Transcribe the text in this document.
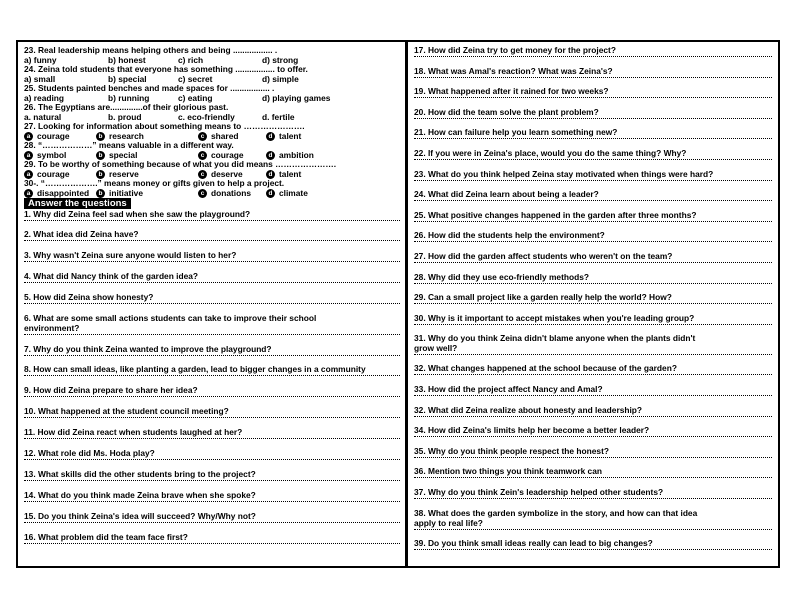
23. Real leadership means helping others and being ................. .
a) funny	b) honest	c) rich	d) strong
24. Zeina told students that everyone has something ................. to offer.
a) small	b) special	c) secret	d) simple
25. Students painted benches and made spaces for ................. .
a) reading	b) running	c) eating	d) playing games
26. The Egyptians are..............of their glorious past.
a. natural	b. proud	c. eco-friendly	d. fertile
27. Looking for information about something means to ………………….
a courage	b research	c shared	d talent
28. “………………” means valuable in a different way.
a symbol	b special	c courage	d ambition
29. To be worthy of something because of what you did means ………………….
a courage	b reserve	c deserve	d talent
30-. “……………….” means money or gifts given to help a project.
a disappointed	b initiative	c donations	d climate
Answer the questions
1. Why did Zeina feel sad when she saw the playground?
2. What idea did Zeina have?
3. Why wasn't Zeina sure anyone would listen to her?
4. What did Nancy think of the garden idea?
5. How did Zeina show honesty?
6. What are some small actions students can take to improve their school
environment?
7. Why do you think Zeina wanted to improve the playground?
8. How can small ideas, like planting a garden, lead to bigger changes in a community
9. How did Zeina prepare to share her idea?
10. What happened at the student council meeting?
11. How did Zeina react when students laughed at her?
12. What role did Ms. Hoda play?
13. What skills did the other students bring to the project?
14. What do you think made Zeina brave when she spoke?
15. Do you think Zeina's idea will succeed? Why/Why not?
16. What problem did the team face first?
17. How did Zeina try to get money for the project?
18. What was Amal's reaction? What was Zeina's?
19. What happened after it rained for two weeks?
20. How did the team solve the plant problem?
21. How can failure help you learn something new?
22. If you were in Zeina's place, would you do the same thing? Why?
23. What do you think helped Zeina stay motivated when things were hard?
24. What did Zeina learn about being a leader?
25. What positive changes happened in the garden after three months?
26. How did the students help the environment?
27. How did the garden affect students who weren't on the team?
28. Why did they use eco-friendly methods?
29. Can a small project like a garden really help the world? How?
30. Why is it important to accept mistakes when you're leading group?
31. Why do you think Zeina didn't blame anyone when the plants didn't
grow well?
32. What changes happened at the school because of the garden?
33. How did the project affect Nancy and Amal?
32. What did Zeina realize about honesty and leadership?
34. How did Zeina's limits help her become a better leader?
35. Why do you think people respect the honest?
36. Mention two things you think teamwork can
37. Why do you think Zein's leadership helped other students?
38. What does the garden symbolize in the story, and how can that idea
apply to real life?
39. Do you think small ideas really can lead to big changes?
